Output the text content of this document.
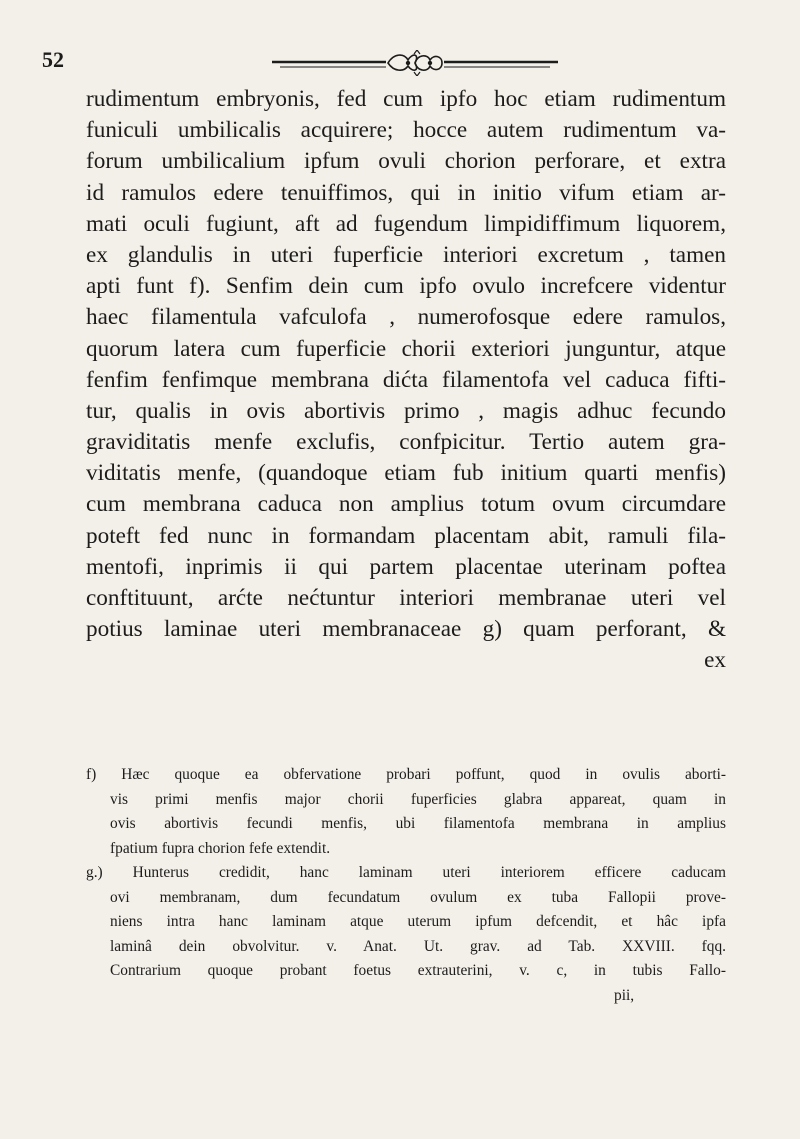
52
rudimentum embryonis, fed cum ipfo hoc etiam rudimentum
funiculi umbilicalis acquirere; hocce autem rudimentum va-
forum umbilicalium ipfum ovuli chorion perforare, et extra
id ramulos edere tenuiffimos, qui in initio vifum etiam ar-
mati oculi fugiunt, aft ad fugendum limpidiffimum liquorem,
ex glandulis in uteri fuperficie interiori excretum , tamen
apti funt f). Senfim dein cum ipfo ovulo increfcere videntur
haec filamentula vafculofa , numerofosque edere ramulos,
quorum latera cum fuperficie chorii exteriori junguntur, atque
fenfim fenfimque membrana dićta filamentofa vel caduca fifti-
tur, qualis in ovis abortivis primo , magis adhuc fecundo
graviditatis menfe exclufis, confpicitur. Tertio autem gra-
viditatis menfe, (quandoque etiam fub initium quarti menfis)
cum membrana caduca non amplius totum ovum circumdare
poteft fed nunc in formandam placentam abit, ramuli fila-
mentofi, inprimis ii qui partem placentae uterinam poftea
conftituunt, arćte nećtuntur interiori membranae uteri vel
potius laminae uteri membranaceae g) quam perforant, &
ex
f) Hæc quoque ea obfervatione probari poffunt, quod in ovulis aborti-
vis primi menfis major chorii fuperficies glabra appareat, quam in
ovis abortivis fecundi menfis, ubi filamentofa membrana in amplius
fpatium fupra chorion fefe extendit.
g.) Hunterus credidit, hanc laminam uteri interiorem efficere caducam
ovi membranam, dum fecundatum ovulum ex tuba Fallopii prove-
niens intra hanc laminam atque uterum ipfum defcendit, et hâc ipfa
laminâ dein obvolvitur. v. Anat. Ut. grav. ad Tab. XXVIII. fqq.
Contrarium quoque probant foetus extrauterini, v. c, in tubis Fallo-
pii,
